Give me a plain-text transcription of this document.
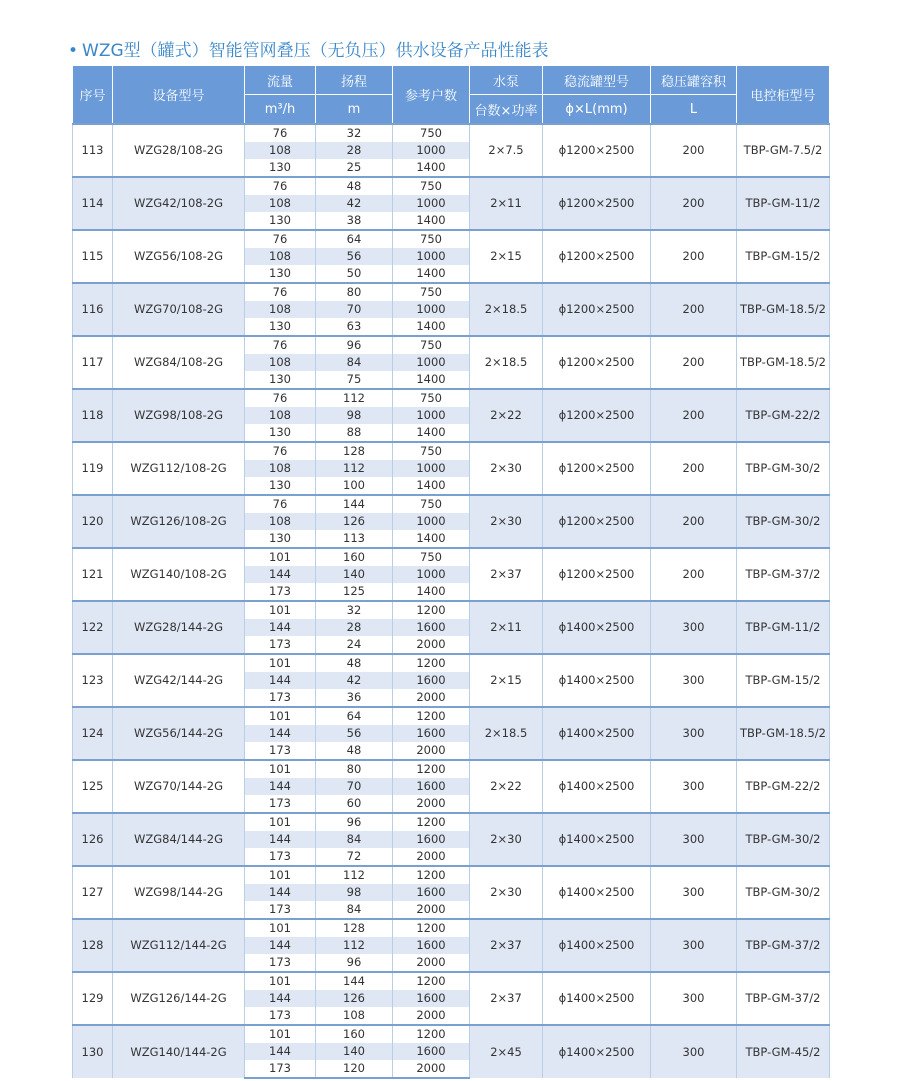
• WZG型（罐式）智能管网叠压（无负压）供水设备产品性能表
序号	设备型号	流量	扬程	参考户数	水泵	稳流罐型号	稳压罐容积	电控柜型号
		m³/h	m		台数×功率	ϕ×L(mm)	L	
113	WZG28/108-2G	76	32	750	2×7.5	ϕ1200×2500	200	TBP-GM-7.5/2
		108	28	1000				
		130	25	1400				
114	WZG42/108-2G	76	48	750	2×11	ϕ1200×2500	200	TBP-GM-11/2
		108	42	1000				
		130	38	1400				
115	WZG56/108-2G	76	64	750	2×15	ϕ1200×2500	200	TBP-GM-15/2
		108	56	1000				
		130	50	1400				
116	WZG70/108-2G	76	80	750	2×18.5	ϕ1200×2500	200	TBP-GM-18.5/2
		108	70	1000				
		130	63	1400				
117	WZG84/108-2G	76	96	750	2×18.5	ϕ1200×2500	200	TBP-GM-18.5/2
		108	84	1000				
		130	75	1400				
118	WZG98/108-2G	76	112	750	2×22	ϕ1200×2500	200	TBP-GM-22/2
		108	98	1000				
		130	88	1400				
119	WZG112/108-2G	76	128	750	2×30	ϕ1200×2500	200	TBP-GM-30/2
		108	112	1000				
		130	100	1400				
120	WZG126/108-2G	76	144	750	2×30	ϕ1200×2500	200	TBP-GM-30/2
		108	126	1000				
		130	113	1400				
121	WZG140/108-2G	101	160	750	2×37	ϕ1200×2500	200	TBP-GM-37/2
		144	140	1000				
		173	125	1400				
122	WZG28/144-2G	101	32	1200	2×11	ϕ1400×2500	300	TBP-GM-11/2
		144	28	1600				
		173	24	2000				
123	WZG42/144-2G	101	48	1200	2×15	ϕ1400×2500	300	TBP-GM-15/2
		144	42	1600				
		173	36	2000				
124	WZG56/144-2G	101	64	1200	2×18.5	ϕ1400×2500	300	TBP-GM-18.5/2
		144	56	1600				
		173	48	2000				
125	WZG70/144-2G	101	80	1200	2×22	ϕ1400×2500	300	TBP-GM-22/2
		144	70	1600				
		173	60	2000				
126	WZG84/144-2G	101	96	1200	2×30	ϕ1400×2500	300	TBP-GM-30/2
		144	84	1600				
		173	72	2000				
127	WZG98/144-2G	101	112	1200	2×30	ϕ1400×2500	300	TBP-GM-30/2
		144	98	1600				
		173	84	2000				
128	WZG112/144-2G	101	128	1200	2×37	ϕ1400×2500	300	TBP-GM-37/2
		144	112	1600				
		173	96	2000				
129	WZG126/144-2G	101	144	1200	2×37	ϕ1400×2500	300	TBP-GM-37/2
		144	126	1600				
		173	108	2000				
130	WZG140/144-2G	101	160	1200	2×45	ϕ1400×2500	300	TBP-GM-45/2
		144	140	1600				
		173	120	2000				
